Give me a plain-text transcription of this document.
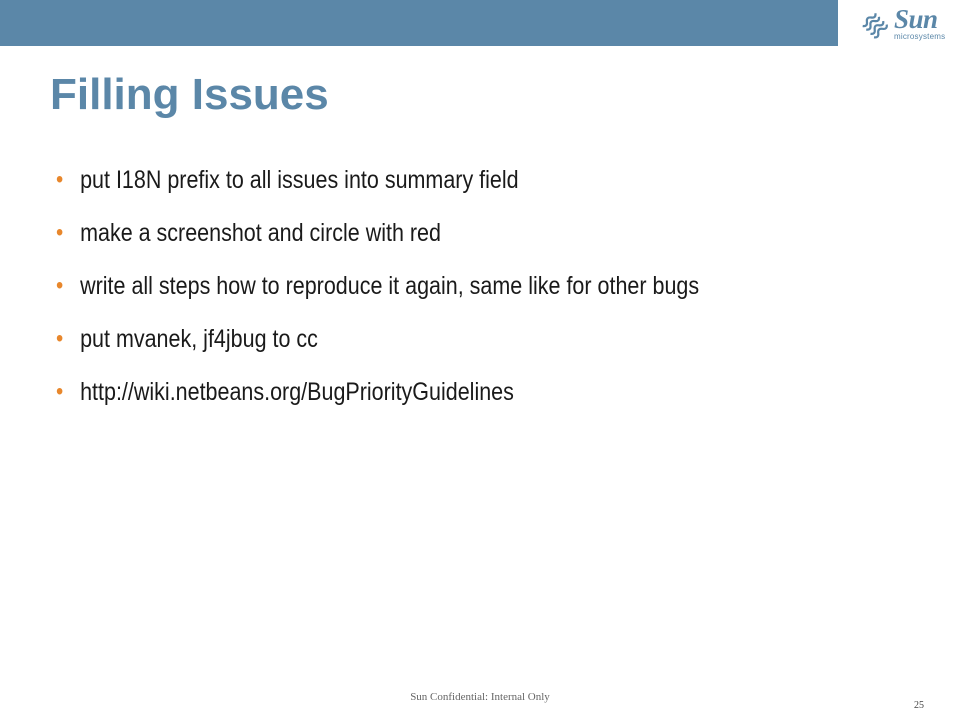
Sun
microsystems
Filling Issues
• put I18N prefix to all issues into summary field
• make a screenshot and circle with red
• write all steps how to reproduce it again, same like for other bugs
• put mvanek, jf4jbug to cc
• http://wiki.netbeans.org/BugPriorityGuidelines
Sun Confidential: Internal Only
25
